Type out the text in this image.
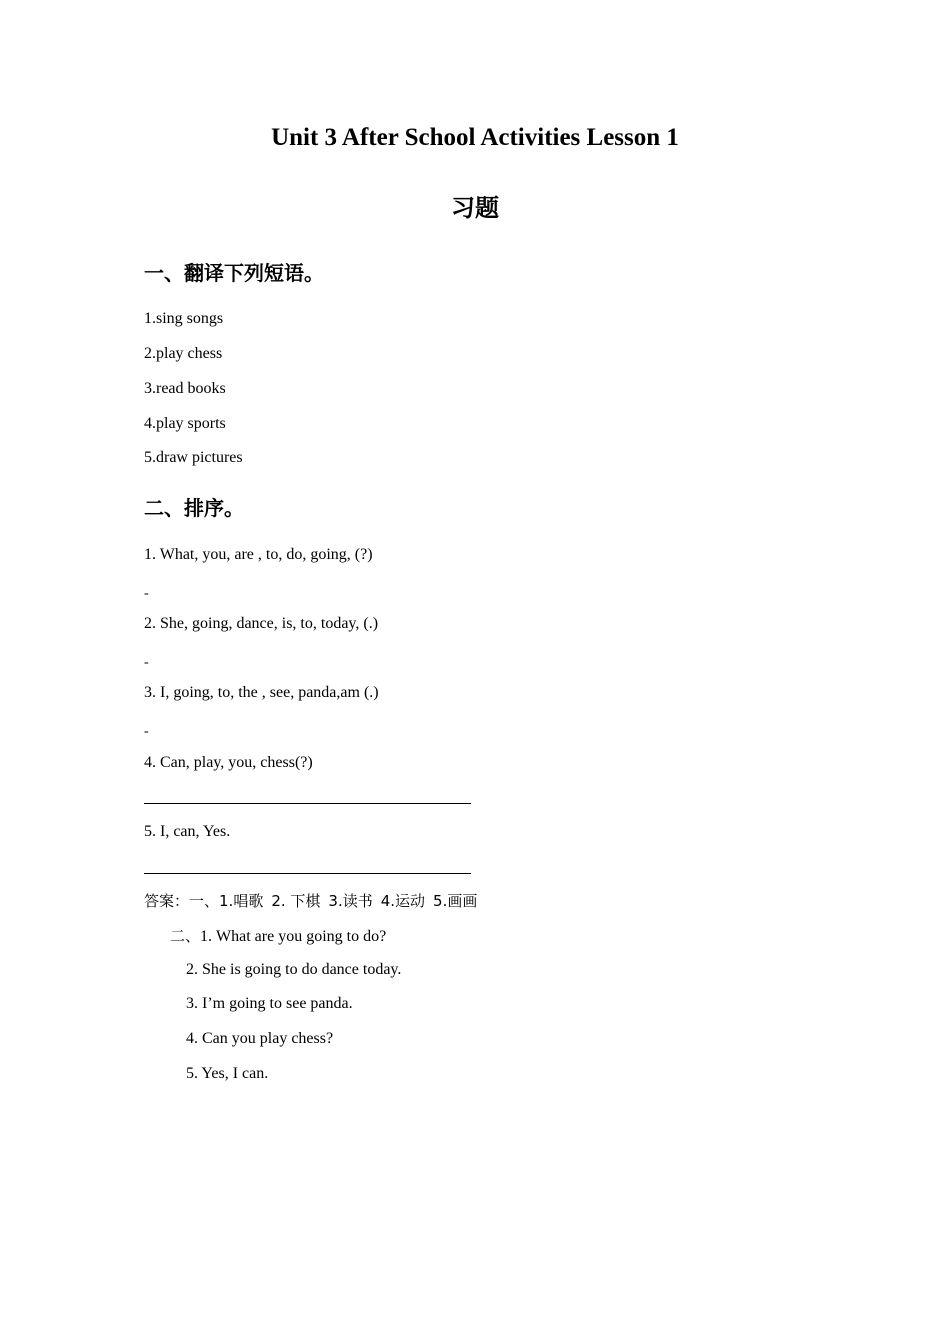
Unit 3 After School Activities Lesson 1
习题
一、翻译下列短语。
1.sing songs
2.play chess
3.read books
4.play sports
5.draw pictures
二、排序。
1. What, you, are , to, do, going, (?)
-
2. She, going, dance, is, to, today, (.)
-
3. I, going, to, the , see, panda,am (.)
-
4. Can, play, you, chess(?)
5. I, can, Yes.
答案：一、1.唱歌 2. 下棋 3.读书 4.运动 5.画画
二、1. What are you going to do?
2. She is going to do dance today.
3. I’m going to see panda.
4. Can you play chess?
5. Yes, I can.
